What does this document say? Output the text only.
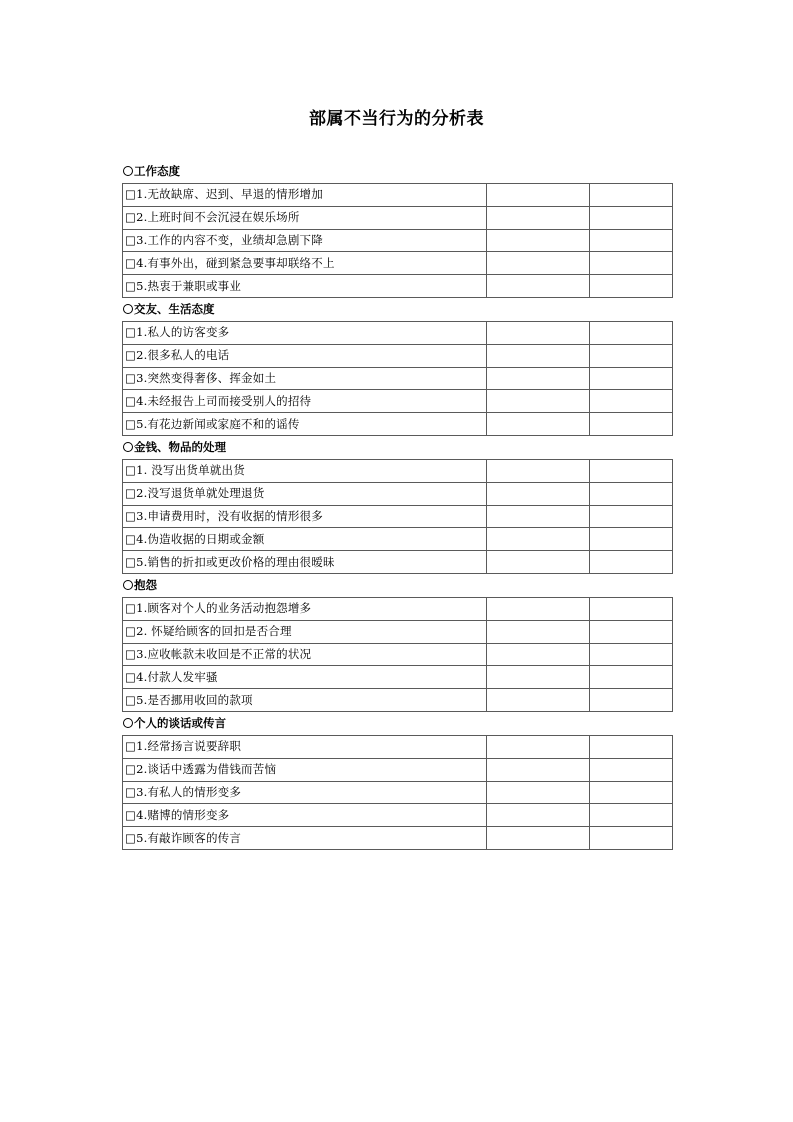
部属不当行为的分析表
工作态度
□1.无故缺席、迟到、早退的情形增加		
□2.上班时间不会沉浸在娱乐场所		
□3.工作的内容不变，业绩却急剧下降		
□4.有事外出，碰到紧急要事却联络不上		
□5.热衷于兼职或事业		
交友、生活态度
□1.私人的访客变多		
□2.很多私人的电话		
□3.突然变得奢侈、挥金如土		
□4.未经报告上司而接受别人的招待		
□5.有花边新闻或家庭不和的谣传		
金钱、物品的处理
□1. 没写出货单就出货		
□2.没写退货单就处理退货		
□3.申请费用时，没有收据的情形很多		
□4.伪造收据的日期或金额		
□5.销售的折扣或更改价格的理由很暧昧		
抱怨
□1.顾客对个人的业务活动抱怨增多		
□2. 怀疑给顾客的回扣是否合理		
□3.应收帐款未收回是不正常的状况		
□4.付款人发牢骚		
□5.是否挪用收回的款项		
个人的谈话或传言
□1.经常扬言说要辞职		
□2.谈话中透露为借钱而苦恼		
□3.有私人的情形变多		
□4.赌博的情形变多		
□5.有敲诈顾客的传言		
